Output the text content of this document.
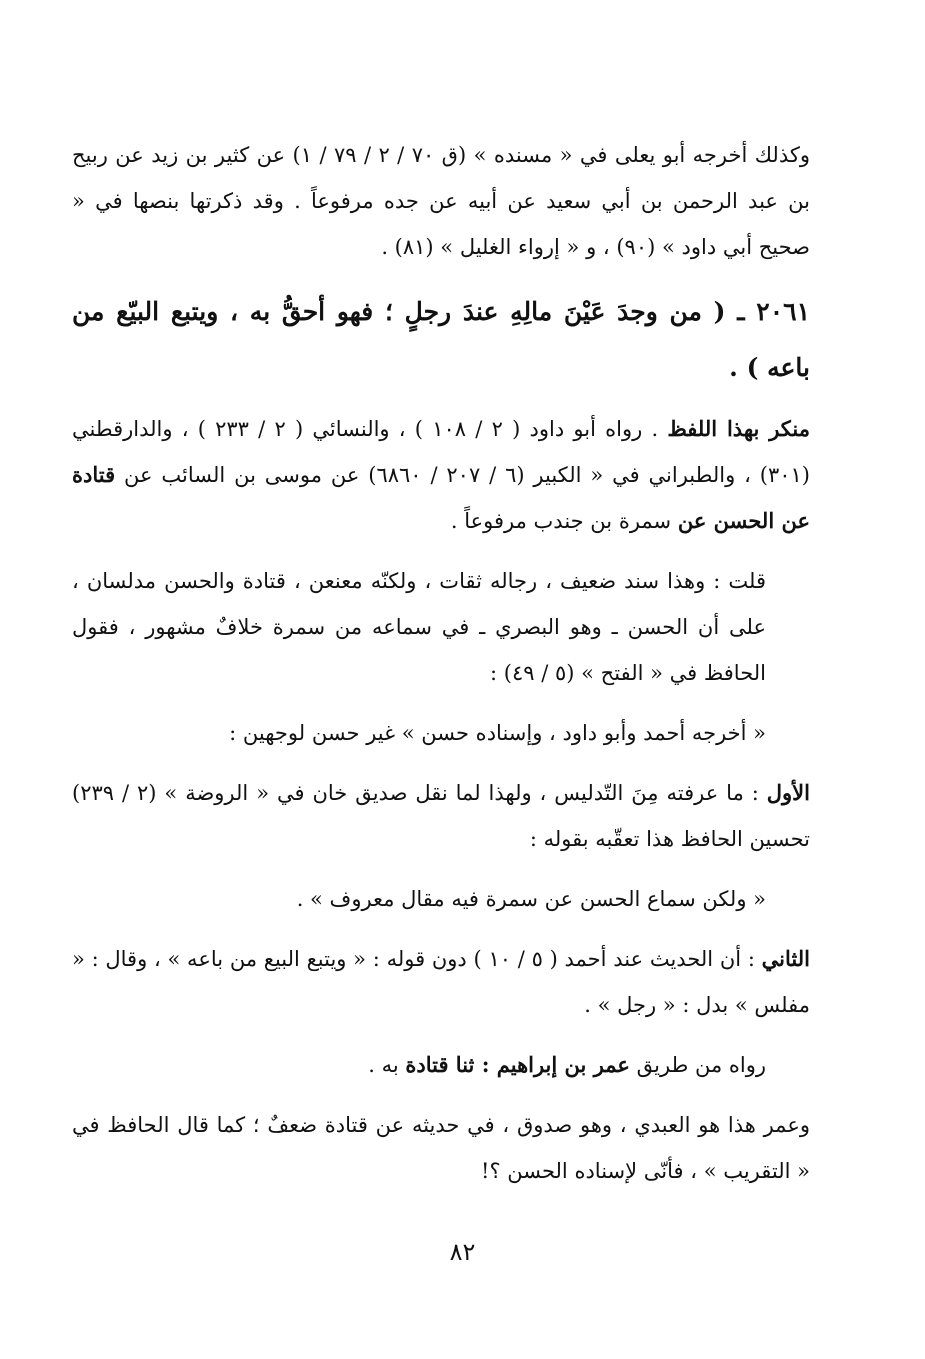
وكذلك أخرجه أبو يعلى في « مسنده » (ق ٧٠ / ٢ / ٧٩ / ١) عن كثير بن زيد عن ربيح بن عبد الرحمن بن أبي سعيد عن أبيه عن جده مرفوعاً . وقد ذكرتها بنصها في « صحيح أبي داود » (٩٠) ، و « إرواء الغليل » (٨١) .

٢٠٦١ ـ ( من وجدَ عَيْنَ مالِهِ عندَ رجلٍ ؛ فهو أحقُّ به ، ويتبع البيّع من باعه ) .

منكر بهذا اللفظ . رواه أبو داود ( ٢ / ١٠٨ ) ، والنسائي ( ٢ / ٢٣٣ ) ، والدارقطني (٣٠١) ، والطبراني في « الكبير (٦ / ٢٠٧ / ٦٨٦٠) عن موسى بن السائب عن قتادة عن الحسن عن سمرة بن جندب مرفوعاً .

قلت : وهذا سند ضعيف ، رجاله ثقات ، ولكنّه معنعن ، قتادة والحسن مدلسان ، على أن الحسن ـ وهو البصري ـ في سماعه من سمرة خلافٌ مشهور ، فقول الحافظ في « الفتح » (٥ / ٤٩) :

« أخرجه أحمد وأبو داود ، وإسناده حسن » غير حسن لوجهين :

الأول : ما عرفته مِنَ التّدليس ، ولهذا لما نقل صديق خان في « الروضة » (٢ / ٢٣٩) تحسين الحافظ هذا تعقّبه بقوله :

« ولكن سماع الحسن عن سمرة فيه مقال معروف » .

الثاني : أن الحديث عند أحمد ( ٥ / ١٠ ) دون قوله : « ويتبع البيع من باعه » ، وقال : « مفلس » بدل : « رجل » .

رواه من طريق عمر بن إبراهيم : ثنا قتادة به .

وعمر هذا هو العبدي ، وهو صدوق ، في حديثه عن قتادة ضعفٌ ؛ كما قال الحافظ في « التقريب » ، فأنّى لإسناده الحسن ؟!

٨٢
